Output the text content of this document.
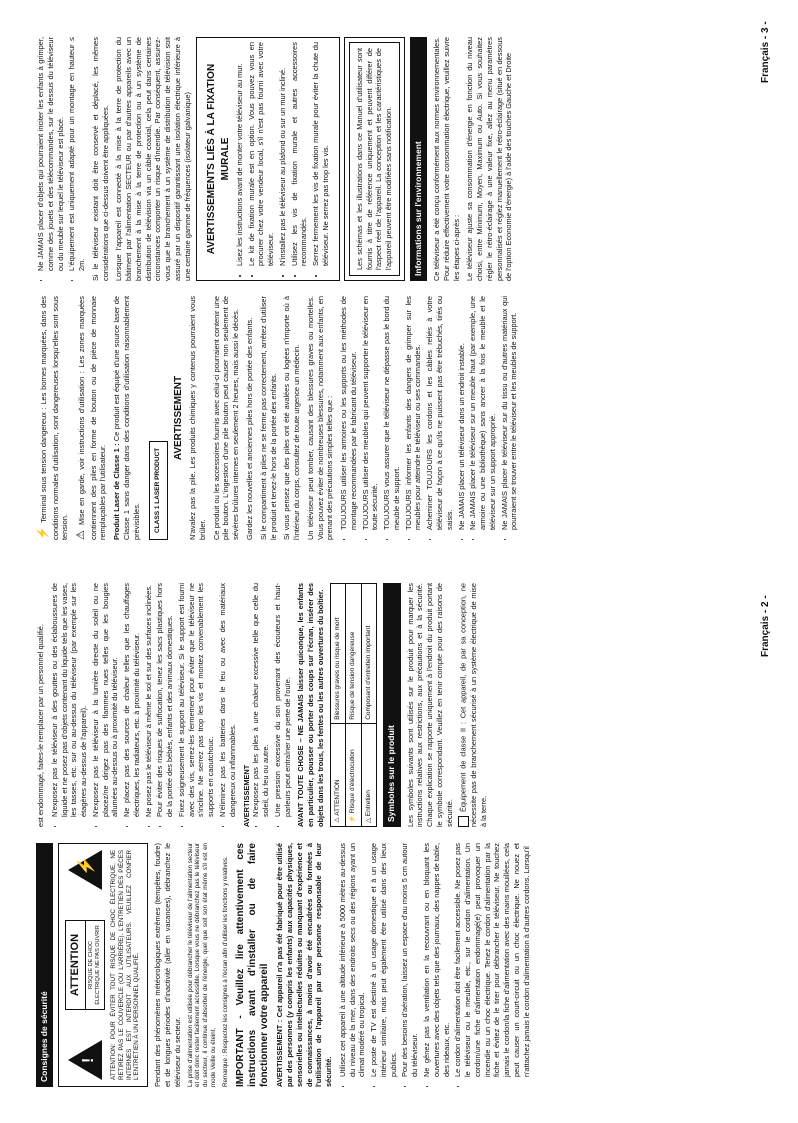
Consignes de sécurité !
ATTENTION	RISQUE DE CHOC ÉLECTRIQUE NE PAS OUVRIR
⚡	ATTENTION: POUR ÉVITER TOUT RISQUE DE CHOC ÉLECTRIQUE, NE RETIREZ PAS LE COUVERCLE (OU L'ARRIÈRE). L'ENTRETIEN DES PIÈCES INTERNES EST INTERDIT AUX UTILISATEURS. VEUILLEZ CONFIER L'ENTRETIEN À UN PERSONNEL QUALIFIÉ. Pendant des phénomènes météorologiques extrêmes (tempêtes, foudre) et de longues périodes d'inactivité (aller en vacances), débranchez le téléviseur du secteur. La prise d'alimentation est utilisée pour débrancher le téléviseur de l'alimentation secteur et doit donc rester facilement accessible. Lorsque vous ne débranchez pas le téléviseur du secteur, il continue d'absorber de l'énergie, quel que soit son état même s'il est en mode Veille ou éteint. Remarque : Respectez les consignes à l'écran afin d'utiliser les fonctions y relatives. IMPORTANT - Veuillez lire attentivement ces instructions avant d'installer ou de faire fonctionner votre appareil AVERTISSEMENT : Cet appareil n'a pas été fabriqué pour être utilisé par des personnes (y compris les enfants) aux capacités physiques, sensorielles ou intellectuelles réduites ou manquant d'expérience et de connaissances, à moins d'avoir été encadrées ou formées à l'utilisation de l'appareil par une personne responsable de leur sécurité. • Utilisez cet appareil à une altitude inférieure à 5000 mètres au-dessus du niveau de la mer, dans des endroits secs ou des régions ayant un climat modéré ou tropical. • Le poste de TV est destiné à un usage domestique et à un usage intérieur similaire, mais peut également être utilisé dans des lieux publics. • Pour des besoins d'aération, laissez un espace d'au moins 5 cm autour du téléviseur. • Ne gênez pas la ventilation en la recouvrant ou en bloquant les ouvertures avec des objets tels que des journaux, des nappes de table, des rideaux, etc. • Le cordon d'alimentation doit être facilement accessible. Ne posez pas le téléviseur ou le meuble, etc., sur le cordon d'alimentation. Un cordon/une fiche d'alimentation endommagé(e) peut provoquer un incendie ou un choc électrique. Tenez le cordon d'alimentation par la fiche et évitez de le tirer pour débrancher le téléviseur. Ne touchez jamais le cordon/la fiche d'alimentation avec des mains mouillées, cela peut causer un court-circuit ou un choc électrique. Ne nouez et n'attachez jamais le cordon d'alimentation à d'autres cordons. Lorsqu'il

est endommagé, faites-le remplacer par un personnel qualifié. • N'exposez pas le téléviseur à des gouttes ou des éclaboussures de liquide et ne posez pas d'objets contenant du liquide tels que les vases, les tasses, etc. sur ou au-dessus du téléviseur (par exemple sur les étagères au-dessus de l'appareil). • N'exposez pas le téléviseur à la lumière directe du soleil ou ne placez/ne dirigez pas des flammes nues telles que les bougies allumées au-dessus ou à proximité du téléviseur. • Ne placez pas des sources de chaleur telles que les chauffages électriques, les radiateurs, etc. à proximité du téléviseur. • Ne posez pas le téléviseur à même le sol et sur des surfaces inclinées. • Pour éviter des risques de suffocation, tenez les sacs plastiques hors de la portée des bébés, enfants et des animaux domestiques. • Fixez soigneusement le support au téléviseur. Si le support est fourni avec des vis, serrez-les fermement pour éviter que le téléviseur ne s'incline. Ne serrez pas trop les vis et montez convenablement les supports en caoutchouc. • N'éliminez pas les batteries dans le feu ou avec des matériaux dangereux ou inflammables. AVERTISSEMENT • N'exposez pas les piles à une chaleur excessive telle que celle du soleil, du feu ou autre. • Une pression excessive du son provenant des écouteurs et haut-parleurs peut entraîner une perte de l'ouïe. AVANT TOUTE CHOSE – NE JAMAIS laisser quiconque, les enfants en particulier, pousser ou porter des coups sur l'écran, insérer des objets dans les trous, les fentes ou les autres ouvertures du boîtier. ⚠ ATTENTION	Blessures graves ou risque de mort
⚡ Risque d'électrocution	Risque de tension dangereuse
△ Entretien	Composant d'entretien important
Symboles sur le produit	Les symboles suivants sont utilisés sur le produit pour marquer les instructions relatives aux restrictions, aux précautions et à la sécurité. Chaque explication se rapporte uniquement à l'endroit du produit portant le symbole correspondant. Veuillez en tenir compte pour des raisons de sécurité.

Équipement de classe II : Cet appareil, de par sa conception, ne nécessite pas de branchement sécurisé à un système électrique de mise à la terre.

⚡ Terminal sous tension dangereux : Les bornes marquées, dans des conditions normales d'utilisation, sont dangereuses lorsqu'elles sont sous tension. ⚠ Mise en garde, voir instructions d'utilisation : Les zones marquées contiennent des piles en forme de bouton ou de pièce de monnaie remplaçables par l'utilisateur. Produit Laser de Classe 1 : Ce produit est équipé d'une source laser de Classe 1 sans danger dans des conditions d'utilisation raisonnablement prévisibles. CLASS 1 LASER PRODUCT
AVERTISSEMENT N'avalez pas la pile. Les produits chimiques y contenus pourraient vous brûler. Ce produit ou les accessoires fournis avec celui-ci pourraient contenir une pile bouton. L'ingestion d'une pile bouton peut causer non seulement de sévères brûlures internes en seulement 2 heures, mais aussi le décès. Gardez les nouvelles et anciennes piles hors de portée des enfants. Si le compartiment à piles ne se ferme pas correctement, arrêtez d'utiliser le produit et tenez-le hors de la portée des enfants. Si vous pensez que des piles ont été avalées ou logées n'importe où à l'intérieur du corps, consultez de toute urgence un médecin. Un téléviseur peut tomber, causant des blessures graves ou mortelles. Vous pouvez éviter de nombreuses blessures, notamment aux enfants, en prenant des précautions simples telles que : • TOUJOURS utiliser les armoires ou les supports ou les méthodes de montage recommandées par le fabricant du téléviseur. • TOUJOURS utiliser des meubles qui peuvent supporter le téléviseur en toute sécurité. • TOUJOURS vous assurer que le téléviseur ne dépasse pas le bord du meuble de support. • TOUJOURS informer les enfants des dangers de grimper sur les meubles pour atteindre le téléviseur ou ses commandes. • Acheminer TOUJOURS les cordons et les câbles reliés à votre téléviseur de façon à ce qu'ils ne puissent pas être trébuchés, tirés ou saisis. • Ne JAMAIS placer un téléviseur dans un endroit instable. • Ne JAMAIS placer le téléviseur sur un meuble haut (par exemple, une armoire ou une bibliothèque) sans ancrer à la fois le meuble et le téléviseur sur un support approprié. • Ne JAMAIS placer le téléviseur sur du tissu ou d'autres matériaux qui pourraient se trouver entre le téléviseur et les meubles de support.
• Ne JAMAIS placer d'objets qui pourraient inciter les enfants à grimper, comme des jouets et des télécommandes, sur le dessus du téléviseur ou du meuble sur lequel le téléviseur est placé. • L'équipement est uniquement adapté pour un montage en hauteur ≤ 2m. Si le téléviseur existant doit être conservé et déplacé, les mêmes considérations que ci-dessus doivent être appliquées. Lorsque l'appareil est connecté à la mise à la terre de protection du bâtiment par l'alimentation SECTEUR ou par d'autres appareils avec un branchement à la mise à la terre de protection ou à un système de distribution de télévision via un câble coaxial, cela peut dans certaines circonstances comporter un risque d'incendie. Par conséquent, assurez-vous que le branchement à un système de distribution de télévision soit assuré par un dispositif garantissant une isolation électrique inférieure à une certaine gamme de fréquences (isolateur galvanique) AVERTISSEMENTS LIÉS À LA FIXATION MURALE • Lisez les instructions avant de monter votre téléviseur au mur. • Le kit de fixation murale est en option. Vous pouvez vous en procurer chez votre vendeur local, s'il n'est pas fourni avec votre téléviseur. • N'installez pas le téléviseur au plafond ou sur un mur incliné. • Utilisez les vis de fixation murale et autres accessoires recommandés. • Serrez fermement les vis de fixation murale pour éviter la chute du téléviseur. Ne serrez pas trop les vis.	Les schémas et les illustrations dans ce Manuel d'utilisateur sont fournis à titre de référence uniquement et peuvent différer de l'aspect réel de l'appareil. La conception et les caractéristiques de l'appareil peuvent être modifiées sans notification.	Informations sur l'environnement	Ce téléviseur a été conçu conformément aux normes environnementales. Pour réduire effectivement votre consommation électrique, veuillez suivre les étapes ci-après : Le téléviseur ajuste sa consommation d'énergie en fonction du niveau choisi, entre Minimum, Moyen, Maximum ou Auto. Si vous souhaitez régler le rétro-éclairage à une valeur fixe, allez au menu paramètres personnalisés et réglez manuellement le rétro-éclairage (situé en dessous de l'option Economie d'énergie) à l'aide des touches Gauche et Droite

Français - 2 -
Français - 3 -
